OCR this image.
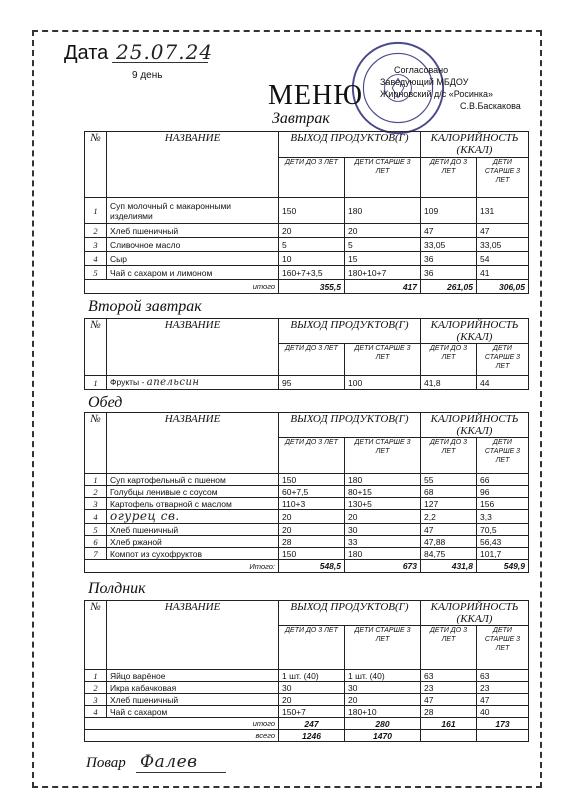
Дата 25.07.24
9 день
МЕНЮ
Согласовано
Заведующий МБДОУ
Жирновский д/с «Росинка»
С.В.Баскакова
Завтрак
№	НАЗВАНИЕ	ВЫХОД ПРОДУКТОВ(Г)		КАЛОРИЙНОСТЬ (ККАЛ)	
		ДЕТИ ДО 3 ЛЕТ	ДЕТИ СТАРШЕ 3 ЛЕТ	ДЕТИ ДО 3 ЛЕТ	ДЕТИ СТАРШЕ 3 ЛЕТ
1	Суп молочный с макаронными изделиями	150	180	109	131
2	Хлеб пшеничный	20	20	47	47
3	Сливочное масло	5	5	33,05	33,05
4	Сыр	10	15	36	54
5	Чай с сахаром и лимоном	160+7+3,5	180+10+7	36	41
итого		355,5	417	261,05	306,05
Второй завтрак
№	НАЗВАНИЕ	ВЫХОД ПРОДУКТОВ(Г)		КАЛОРИЙНОСТЬ (ККАЛ)	
		ДЕТИ ДО 3 ЛЕТ	ДЕТИ СТАРШЕ 3 ЛЕТ	ДЕТИ ДО 3 ЛЕТ	ДЕТИ СТАРШЕ 3 ЛЕТ
1	Фрукты - апельсин	95	100	41,8	44
Обед
№	НАЗВАНИЕ	ВЫХОД ПРОДУКТОВ(Г)		КАЛОРИЙНОСТЬ (ККАЛ)	
		ДЕТИ ДО 3 ЛЕТ	ДЕТИ СТАРШЕ 3 ЛЕТ	ДЕТИ ДО 3 ЛЕТ	ДЕТИ СТАРШЕ 3 ЛЕТ
1	Суп картофельный с пшеном	150	180	55	66
2	Голубцы ленивые с соусом	60+7,5	80+15	68	96
3	Картофель отварной с маслом	110+3	130+5	127	156
4	огурец св.	20	20	2,2	3,3
5	Хлеб пшеничный	20	30	47	70,5
6	Хлеб ржаной	28	33	47,88	56,43
7	Компот из сухофруктов	150	180	84,75	101,7
Итого:		548,5	673	431,8	549,9
Полдник
№	НАЗВАНИЕ	ВЫХОД ПРОДУКТОВ(Г)		КАЛОРИЙНОСТЬ (ККАЛ)	
		ДЕТИ ДО 3 ЛЕТ	ДЕТИ СТАРШЕ 3 ЛЕТ	ДЕТИ ДО 3 ЛЕТ	ДЕТИ СТАРШЕ 3 ЛЕТ
1	Яйцо варёное	1 шт. (40)	1 шт. (40)	63	63
2	Икра кабачковая	30	30	23	23
3	Хлеб пшеничный	20	20	47	47
4	Чай с сахаром	150+7	180+10	28	40
итого		247	280	161	173
всего		1246	1470		
Повар Фалев
